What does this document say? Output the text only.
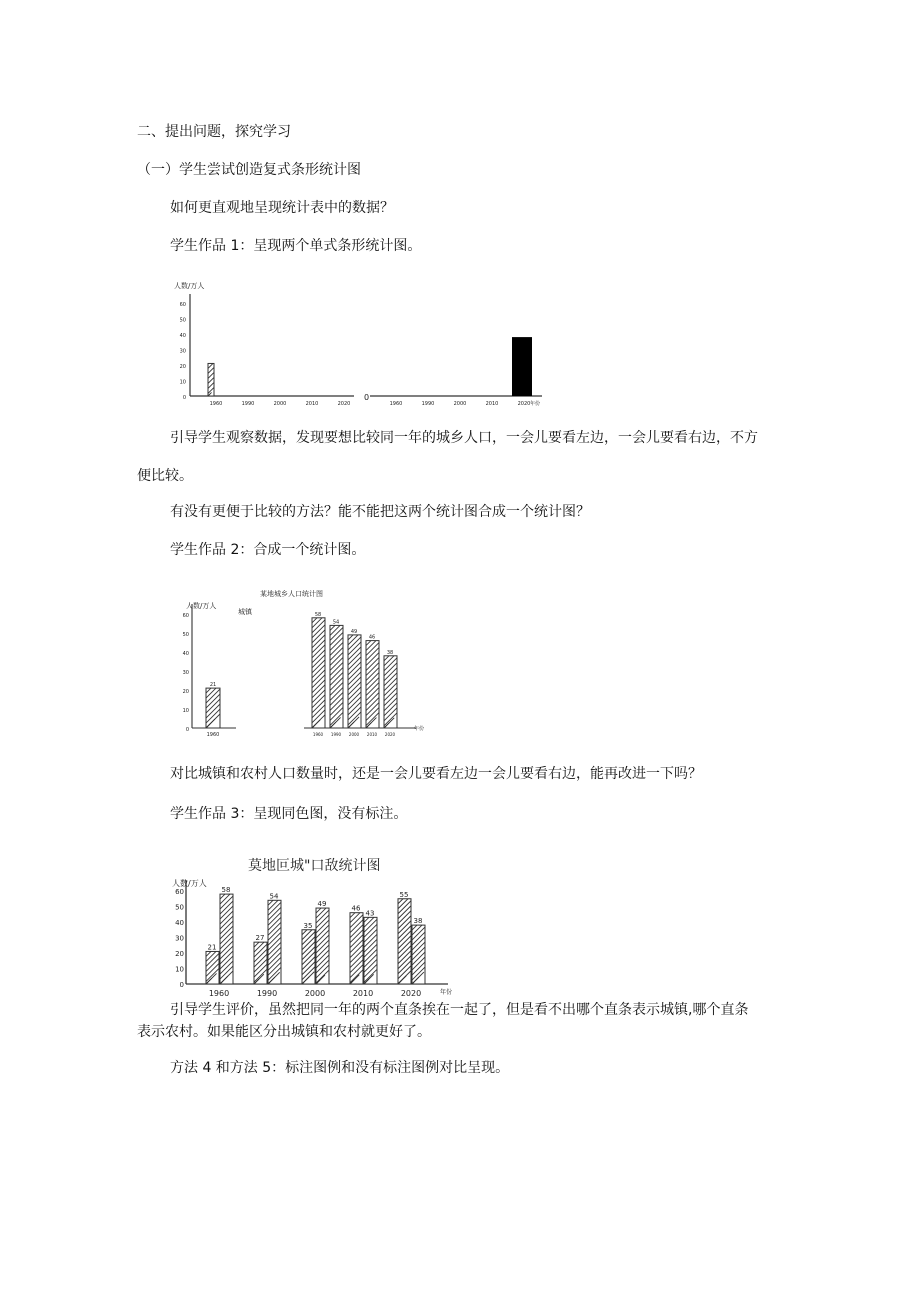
二、提出问题，探究学习
（一）学生尝试创造复式条形统计图
如何更直观地呈现统计表中的数据？
学生作品 1：呈现两个单式条形统计图。
人数/万人
60
50
40
30
20
10
0
1960	1990	2000	2010	2020
0
1960	1990	2000	2010	2020 年份
引导学生观察数据，发现要想比较同一年的城乡人口，一会儿要看左边，一会儿要看右边，不方
便比较。
有没有更便于比较的方法？能不能把这两个统计图合成一个统计图？
学生作品 2：合成一个统计图。
某地城乡人口统计图
人数/万人
城镇
60
50
40
30
20
10
0
21
1960
58
1960
54
1990
49
2000
46
2010
38
2020
年份
对比城镇和农村人口数量时，还是一会儿要看左边一会儿要看右边，能再改进一下吗？
学生作品 3：呈现同色图，没有标注。
莫地叵城"口敌统计图
人数/万人
60
50
40
30
20
10
0
21
58
1960
27
54
1990
35
49
2000
46
43
2010
55
38
2020	年份
引导学生评价，虽然把同一年的两个直条挨在一起了，但是看不出哪个直条表示城镇,哪个直条
表示农村。如果能区分出城镇和农村就更好了。
方法 4 和方法 5：标注图例和没有标注图例对比呈现。
